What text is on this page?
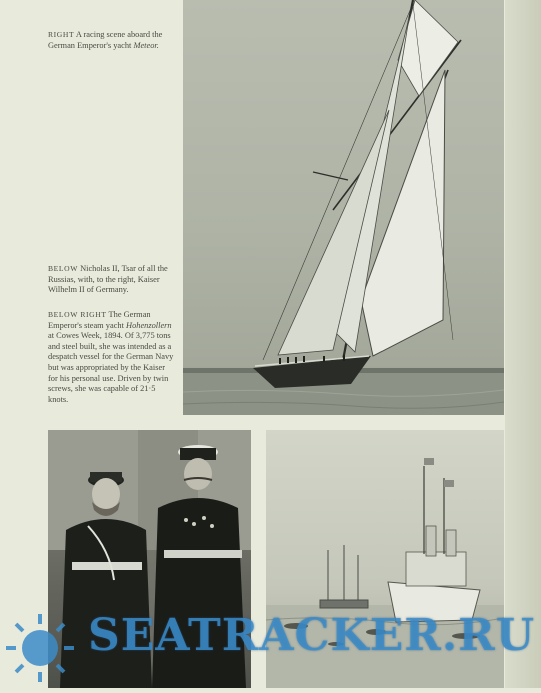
RIGHT A racing scene aboard the German Emperor's yacht Meteor.
BELOW Nicholas II, Tsar of all the Russias, with, to the right, Kaiser Wilhelm II of Germany.
BELOW RIGHT The German Emperor's steam yacht Hohenzollern at Cowes Week, 1894. Of 3,775 tons and steel built, she was intended as a despatch vessel for the German Navy but was appropriated by the Kaiser for his personal use. Driven by twin screws, she was capable of 21·5 knots.
SEATRACKER.RU
